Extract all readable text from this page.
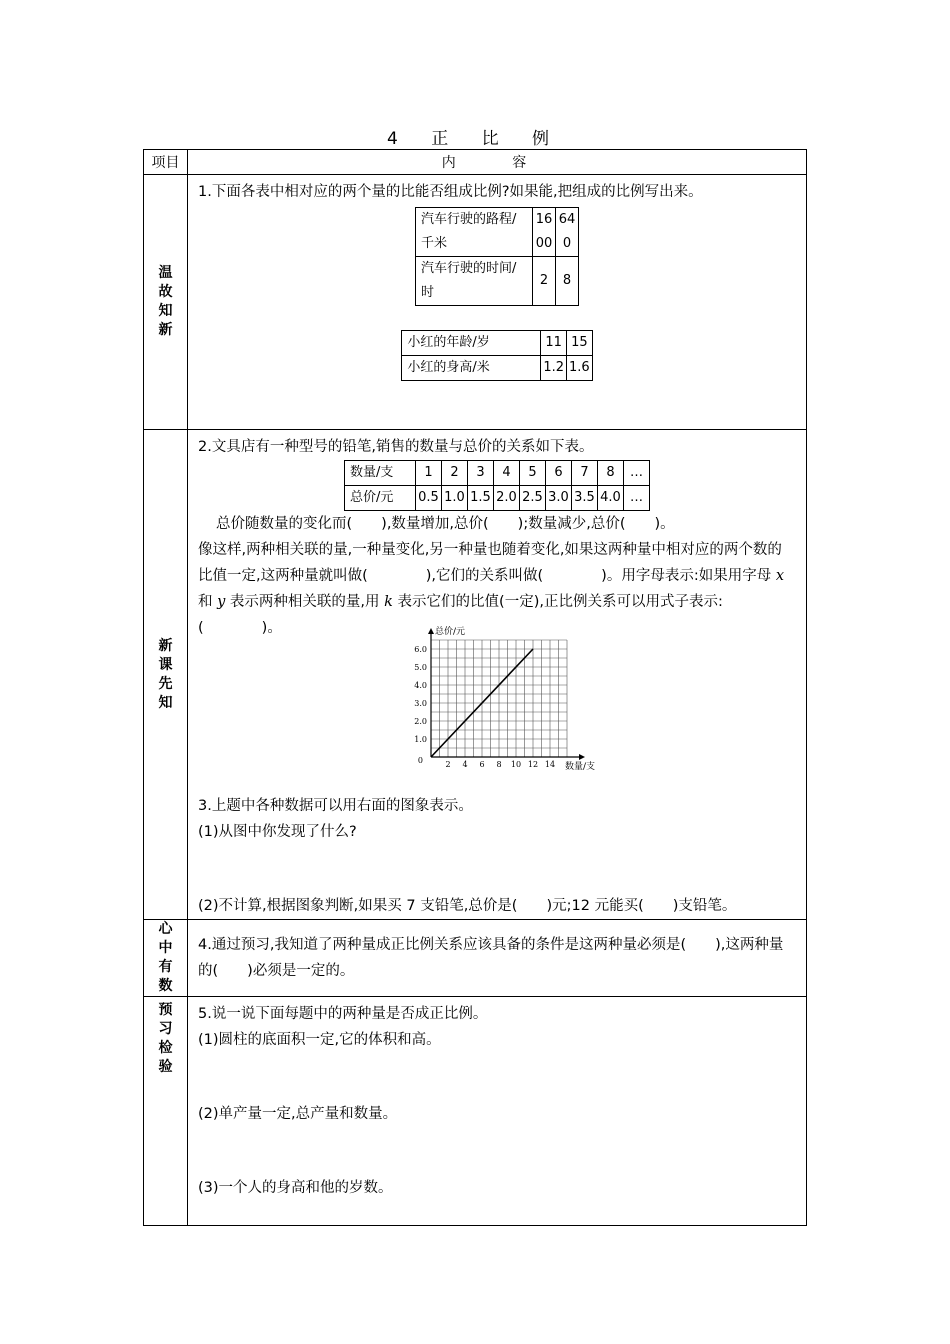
4 正 比 例
项目	内 容
温故知新	
1.下面各表中相对应的两个量的比能否组成比例?如果能,把组成的比例写出来。
汽车行驶的路程/千米	1600	640
汽车行驶的时间/时	2	8
小红的年龄/岁	11	15
小红的身高/米	1.2	1.6

新课先知	
2.文具店有一种型号的铅笔,销售的数量与总价的关系如下表。
数量/支	1	2	3	4	5	6	7	8	…
总价/元	0.5	1.0	1.5	2.0	2.5	3.0	3.5	4.0	…
总价随数量的变化而(　　),数量增加,总价(　　);数量减少,总价(　　)。
像这样,两种相关联的量,一种量变化,另一种量也随着变化,如果这两种量中相对应的两个数的比值一定,这两种量就叫做(　　　　),它们的关系叫做(　　　　)。用字母表示:如果用字母 x 和 y 表示两种相关联的量,用 k 表示它们的比值(一定),正比例关系可以用式子表示:(　　　　)。
2 4 6 8 10 12 14
1.0
2.0
3.0
4.0
5.0
6.0
0
总价/元
数量/支
3.上题中各种数据可以用右面的图象表示。
(1)从图中你发现了什么?
(2)不计算,根据图象判断,如果买 7 支铅笔,总价是(　　)元;12 元能买(　　)支铅笔。

心中有数	
4.通过预习,我知道了两种量成正比例关系应该具备的条件是这两种量必须是(　　),这两种量的(　　)必须是一定的。

预习检验	
5.说一说下面每题中的两种量是否成正比例。
(1)圆柱的底面积一定,它的体积和高。
(2)单产量一定,总产量和数量。
(3)一个人的身高和他的岁数。
